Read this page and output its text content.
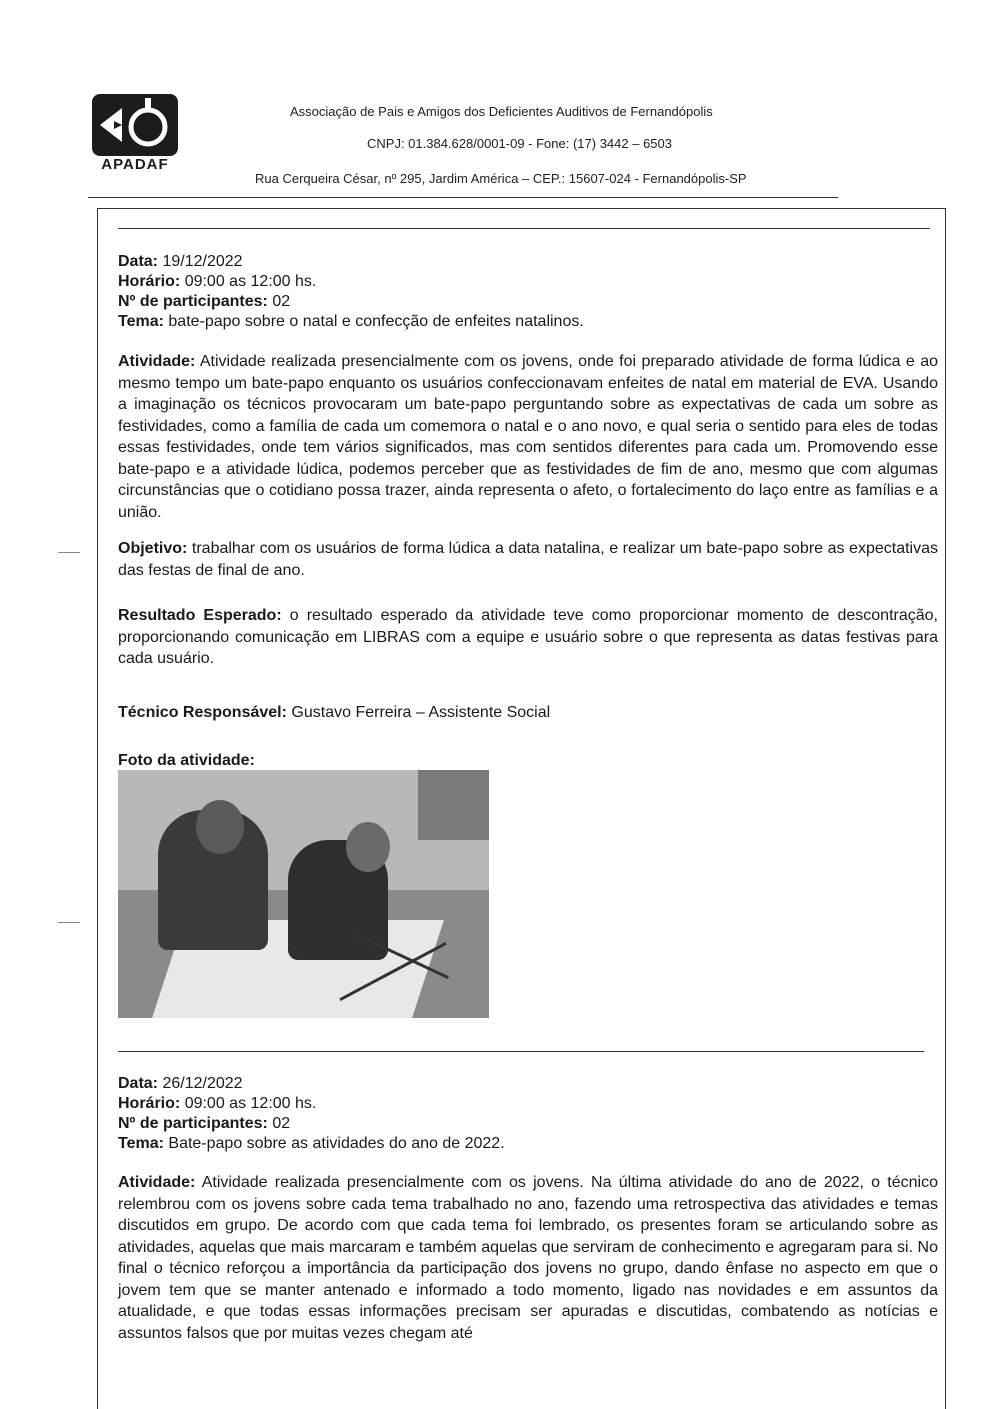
APADAF
Associação de Pais e Amigos dos Deficientes Auditivos de Fernandópolis
CNPJ: 01.384.628/0001-09 - Fone: (17) 3442 – 6503
Rua Cerqueira César, nº 295, Jardim América – CEP.: 15607-024 - Fernandópolis-SP
Data: 19/12/2022
Horário: 09:00 as 12:00 hs.
Nº de participantes: 02
Tema: bate-papo sobre o natal e confecção de enfeites natalinos.

Atividade: Atividade realizada presencialmente com os jovens, onde foi preparado atividade de forma lúdica e ao mesmo tempo um bate-papo enquanto os usuários confeccionavam enfeites de natal em material de EVA. Usando a imaginação os técnicos provocaram um bate-papo perguntando sobre as expectativas de cada um sobre as festividades, como a família de cada um comemora o natal e o ano novo, e qual seria o sentido para eles de todas essas festividades, onde tem vários significados, mas com sentidos diferentes para cada um. Promovendo esse bate-papo e a atividade lúdica, podemos perceber que as festividades de fim de ano, mesmo que com algumas circunstâncias que o cotidiano possa trazer, ainda representa o afeto, o fortalecimento do laço entre as famílias e a união.

Objetivo: trabalhar com os usuários de forma lúdica a data natalina, e realizar um bate-papo sobre as expectativas das festas de final de ano.

Resultado Esperado: o resultado esperado da atividade teve como proporcionar momento de descontração, proporcionando comunicação em LIBRAS com a equipe e usuário sobre o que representa as datas festivas para cada usuário.

Técnico Responsável: Gustavo Ferreira – Assistente Social
Foto da atividade:
Data: 26/12/2022
Horário: 09:00 as 12:00 hs.
Nº de participantes: 02
Tema: Bate-papo sobre as atividades do ano de 2022.

Atividade: Atividade realizada presencialmente com os jovens. Na última atividade do ano de 2022, o técnico relembrou com os jovens sobre cada tema trabalhado no ano, fazendo uma retrospectiva das atividades e temas discutidos em grupo. De acordo com que cada tema foi lembrado, os presentes foram se articulando sobre as atividades, aquelas que mais marcaram e também aquelas que serviram de conhecimento e agregaram para si. No final o técnico reforçou a importância da participação dos jovens no grupo, dando ênfase no aspecto em que o jovem tem que se manter antenado e informado a todo momento, ligado nas novidades e em assuntos da atualidade, e que todas essas informações precisam ser apuradas e discutidas, combatendo as notícias e assuntos falsos que por muitas vezes chegam até
